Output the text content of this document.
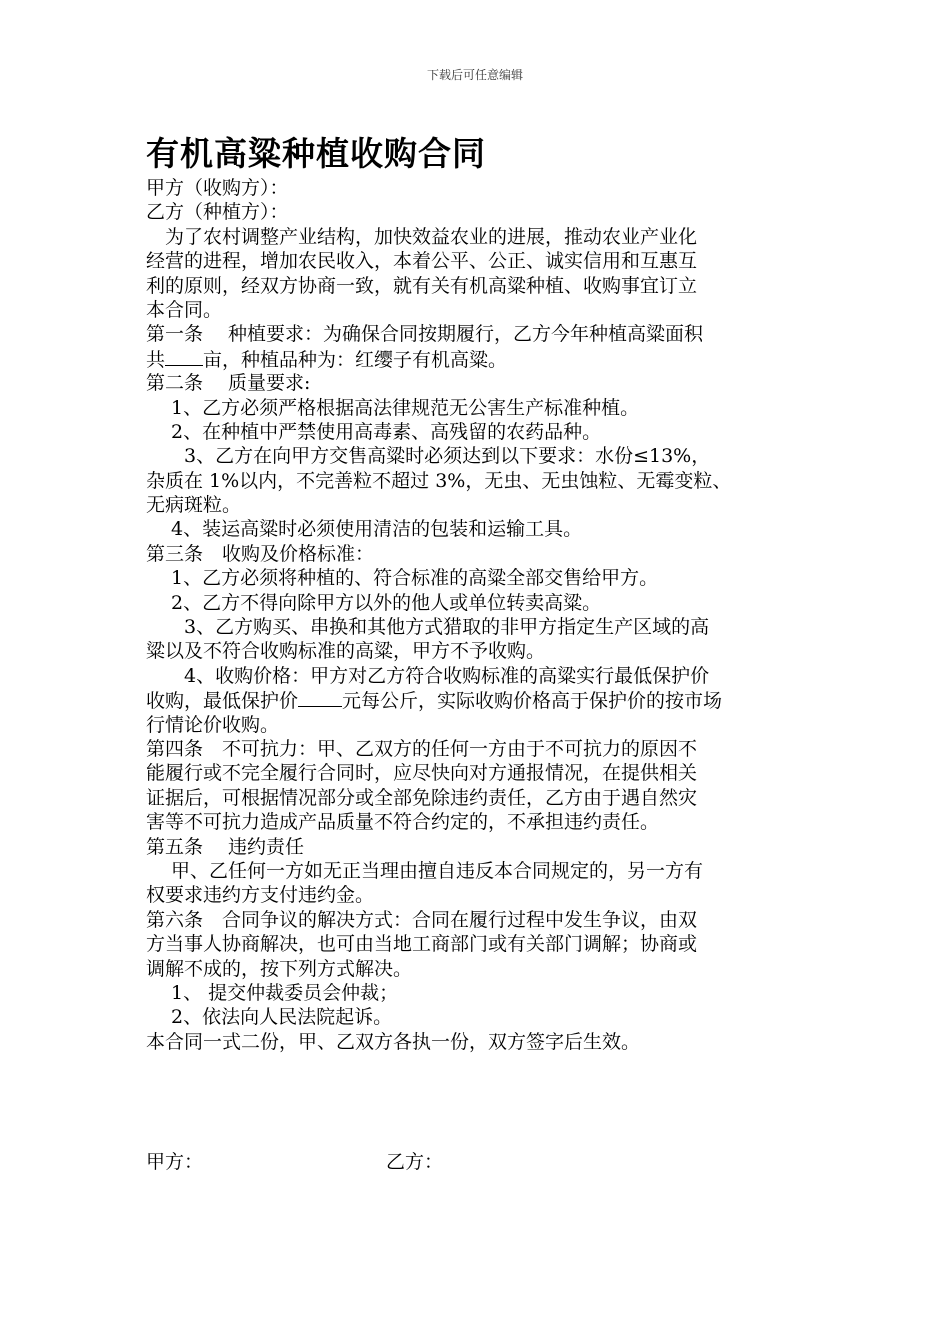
下载后可任意编辑
有机高粱种植收购合同
甲方（收购方）：
乙方（种植方）：
　为了农村调整产业结构，加快效益农业的进展，推动农业产业化
经营的进程，增加农民收入，本着公平、公正、诚实信用和互惠互
利的原则，经双方协商一致，就有关有机高粱种植、收购事宜订立
本合同。
第一条　 种植要求：为确保合同按期履行，乙方今年种植高粱面积
共 亩，种植品种为：红缨子有机高粱。
第二条　 质量要求:
　 1、乙方必须严格根据高法律规范无公害生产标准种植。
　 2、在种植中严禁使用高毒素、高残留的农药品种。
　　3、乙方在向甲方交售高粱时必须达到以下要求：水份≤13%，
杂质在 1%以内，不完善粒不超过 3%，无虫、无虫蚀粒、无霉变粒、
无病斑粒。
　 4、装运高粱时必须使用清洁的包装和运输工具。
第三条　收购及价格标准：
　 1、乙方必须将种植的、符合标准的高粱全部交售给甲方。
　 2、乙方不得向除甲方以外的他人或单位转卖高粱。
　　3、乙方购买、串换和其他方式猎取的非甲方指定生产区域的高
粱以及不符合收购标准的高粱，甲方不予收购。
　　4、收购价格：甲方对乙方符合收购标准的高粱实行最低保护价
收购，最低保护价 元每公斤，实际收购价格高于保护价的按市场
行情论价收购。
第四条　不可抗力：甲、乙双方的任何一方由于不可抗力的原因不
能履行或不完全履行合同时，应尽快向对方通报情况，在提供相关
证据后，可根据情况部分或全部免除违约责任，乙方由于遇自然灾
害等不可抗力造成产品质量不符合约定的，不承担违约责任。
第五条　 违约责任
　 甲、乙任何一方如无正当理由擅自违反本合同规定的，另一方有
权要求违约方支付违约金。
第六条　合同争议的解决方式：合同在履行过程中发生争议，由双
方当事人协商解决，也可由当地工商部门或有关部门调解；协商或
调解不成的，按下列方式解决。
　 1、 提交仲裁委员会仲裁；
　 2、依法向人民法院起诉。
本合同一式二份，甲、乙双方各执一份，双方签字后生效。
甲方：	乙方：
